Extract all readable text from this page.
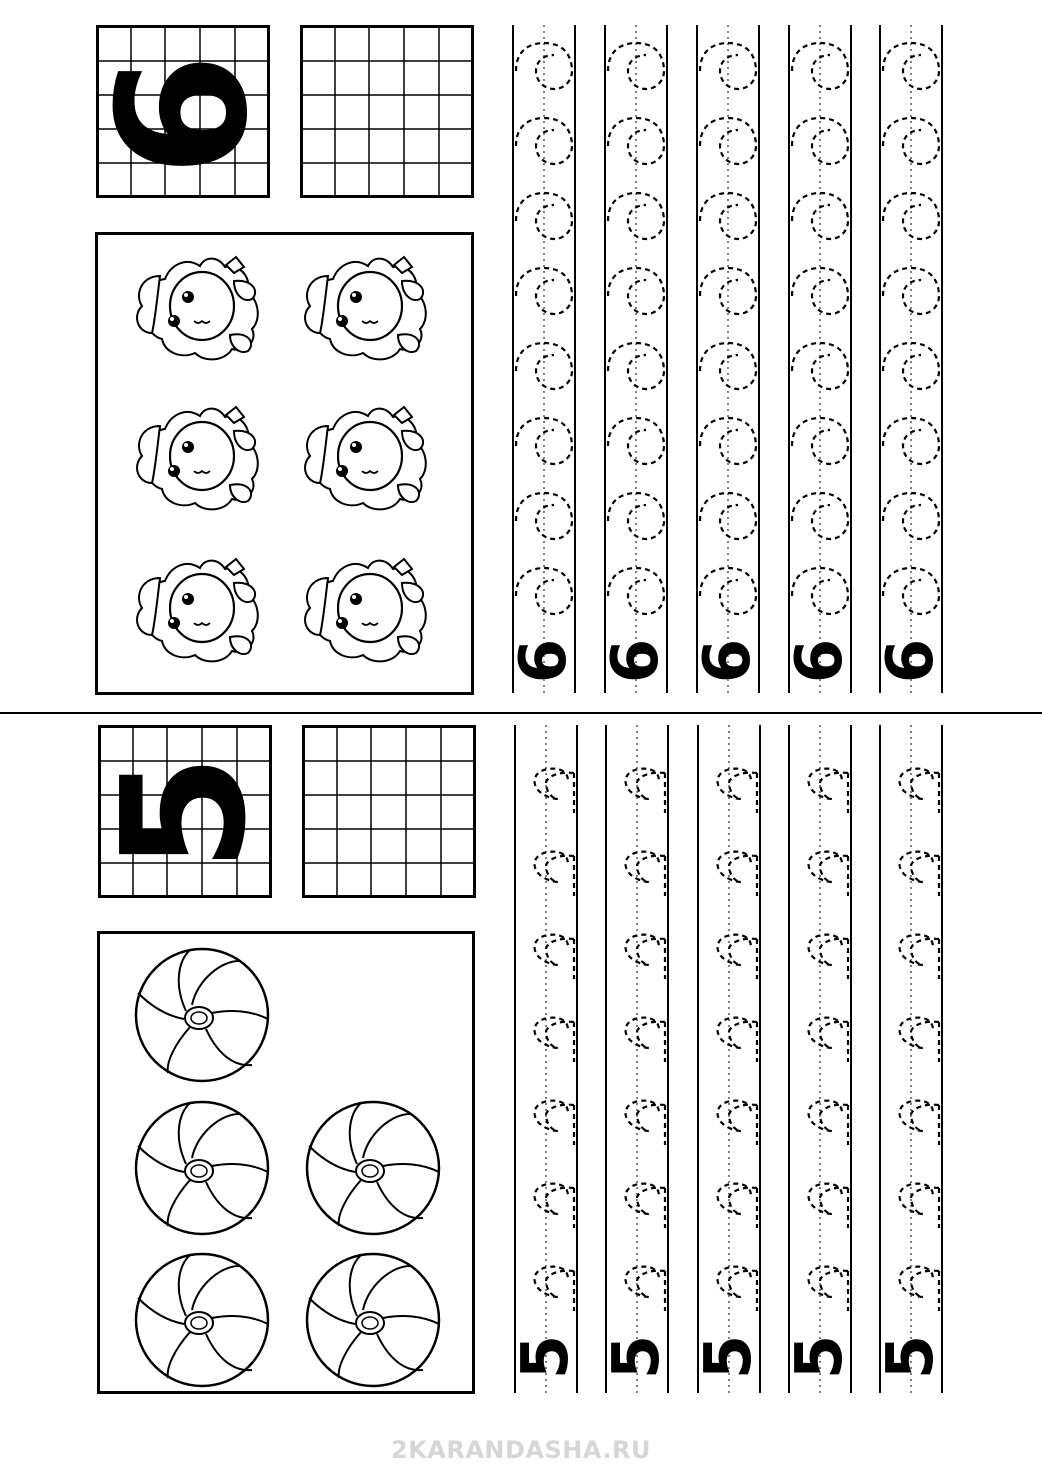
6
6 6 6 6 6
5
5 5 5 5 5
2KARANDASHA.RU
